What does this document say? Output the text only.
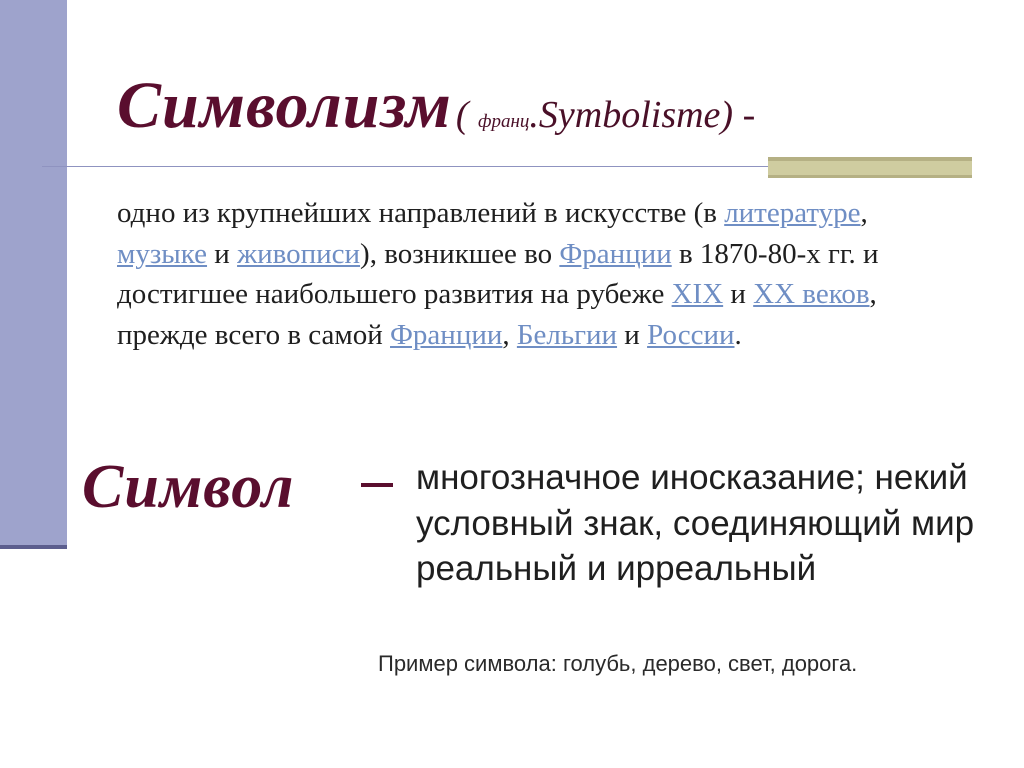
Символизм ( франц.Symbolisme) -
одно из крупнейших направлений в искусстве (в литературе, музыке и живописи), возникшее во Франции в 1870-80-х гг. и достигшее наибольшего развития на рубеже XIX и XX веков, прежде всего в самой Франции, Бельгии и России.
Символ	многозначное иносказание; некий условный знак, соединяющий мир реальный и ирреальный
Пример символа: голубь, дерево, свет, дорога.
